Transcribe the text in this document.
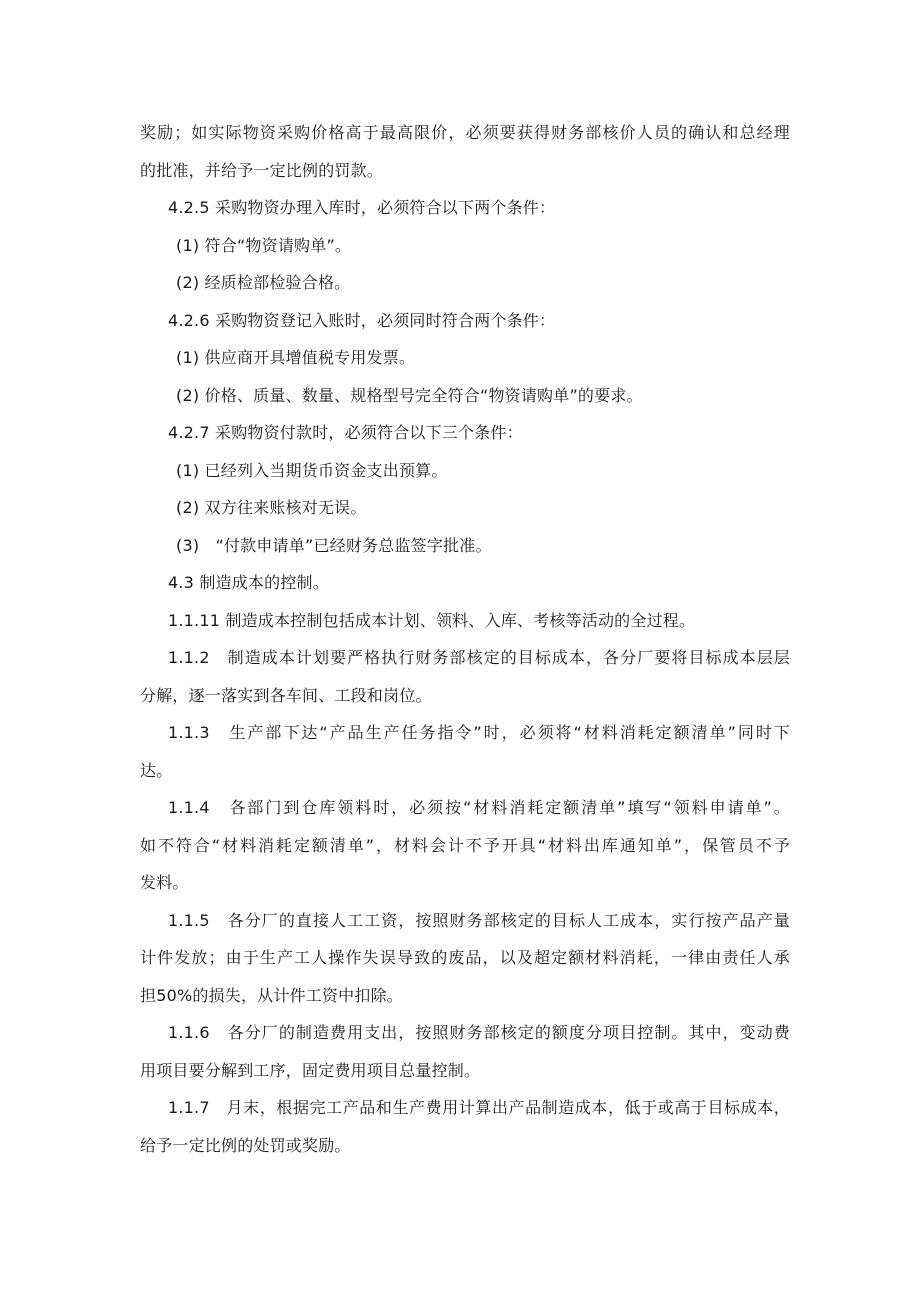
奖励；如实际物资采购价格高于最高限价，必须要获得财务部核价人员的确认和总经理
的批准，并给予一定比例的罚款。
4.2.5 采购物资办理入库时，必须符合以下两个条件：
(1) 符合“物资请购单”。
(2) 经质检部检验合格。
4.2.6 采购物资登记入账时，必须同时符合两个条件：
(1) 供应商开具增值税专用发票。
(2) 价格、质量、数量、规格型号完全符合“物资请购单”的要求。
4.2.7 采购物资付款时，必须符合以下三个条件：
(1) 已经列入当期货币资金支出预算。
(2) 双方往来账核对无误。
(3)　“付款申请单”已经财务总监签字批准。
4.3 制造成本的控制。
1.1.11 制造成本控制包括成本计划、领料、入库、考核等活动的全过程。
1.1.2　制造成本计划要严格执行财务部核定的目标成本，各分厂要将目标成本层层
分解，逐一落实到各车间、工段和岗位。
1.1.3　生产部下达“产品生产任务指令”时，必须将“材料消耗定额清单”同时下
达。
1.1.4　各部门到仓库领料时，必须按“材料消耗定额清单”填写“领料申请单”。
如不符合“材料消耗定额清单”，材料会计不予开具“材料出库通知单”，保管员不予
发料。
1.1.5　各分厂的直接人工工资，按照财务部核定的目标人工成本，实行按产品产量
计件发放；由于生产工人操作失误导致的废品，以及超定额材料消耗，一律由责任人承
担50%的损失，从计件工资中扣除。
1.1.6　各分厂的制造费用支出，按照财务部核定的额度分项目控制。其中，变动费
用项目要分解到工序，固定费用项目总量控制。
1.1.7　月末，根据完工产品和生产费用计算出产品制造成本，低于或高于目标成本，
给予一定比例的处罚或奖励。
